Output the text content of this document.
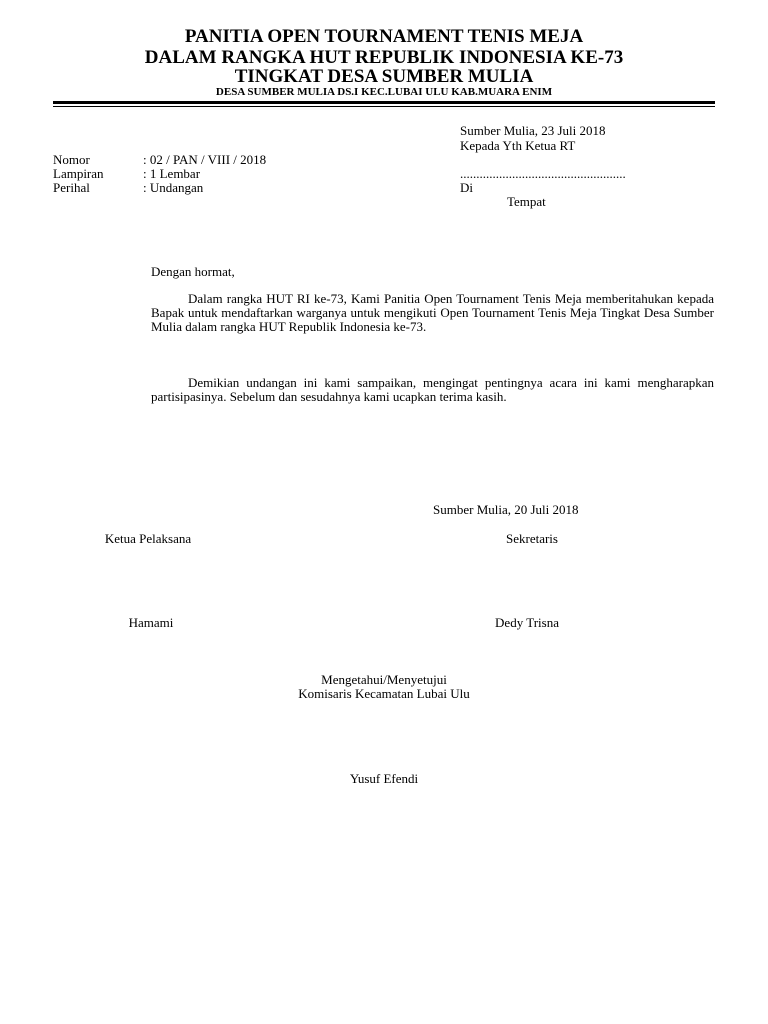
PANITIA OPEN TOURNAMENT TENIS MEJA
DALAM RANGKA HUT REPUBLIK INDONESIA KE-73
TINGKAT DESA SUMBER MULIA
DESA SUMBER MULIA DS.I KEC.LUBAI ULU KAB.MUARA ENIM
Sumber Mulia, 23 Juli 2018
Kepada Yth Ketua RT
Nomor	: 02 / PAN / VIII / 2018
Lampiran	: 1 Lembar
Perihal	: Undangan
...................................................
Di
Tempat
Dengan hormat,
Dalam rangka HUT RI ke-73, Kami Panitia Open Tournament Tenis Meja memberitahukan kepada Bapak untuk mendaftarkan warganya untuk mengikuti Open Tournament Tenis Meja Tingkat Desa Sumber Mulia dalam rangka HUT Republik Indonesia ke-73.
Demikian undangan ini kami sampaikan, mengingat pentingnya acara ini kami mengharapkan partisipasinya. Sebelum dan sesudahnya kami ucapkan terima kasih.
Sumber Mulia, 20 Juli 2018
Ketua Pelaksana	Sekretaris
Hamami	Dedy Trisna
Mengetahui/Menyetujui
Komisaris Kecamatan Lubai Ulu
Yusuf Efendi
